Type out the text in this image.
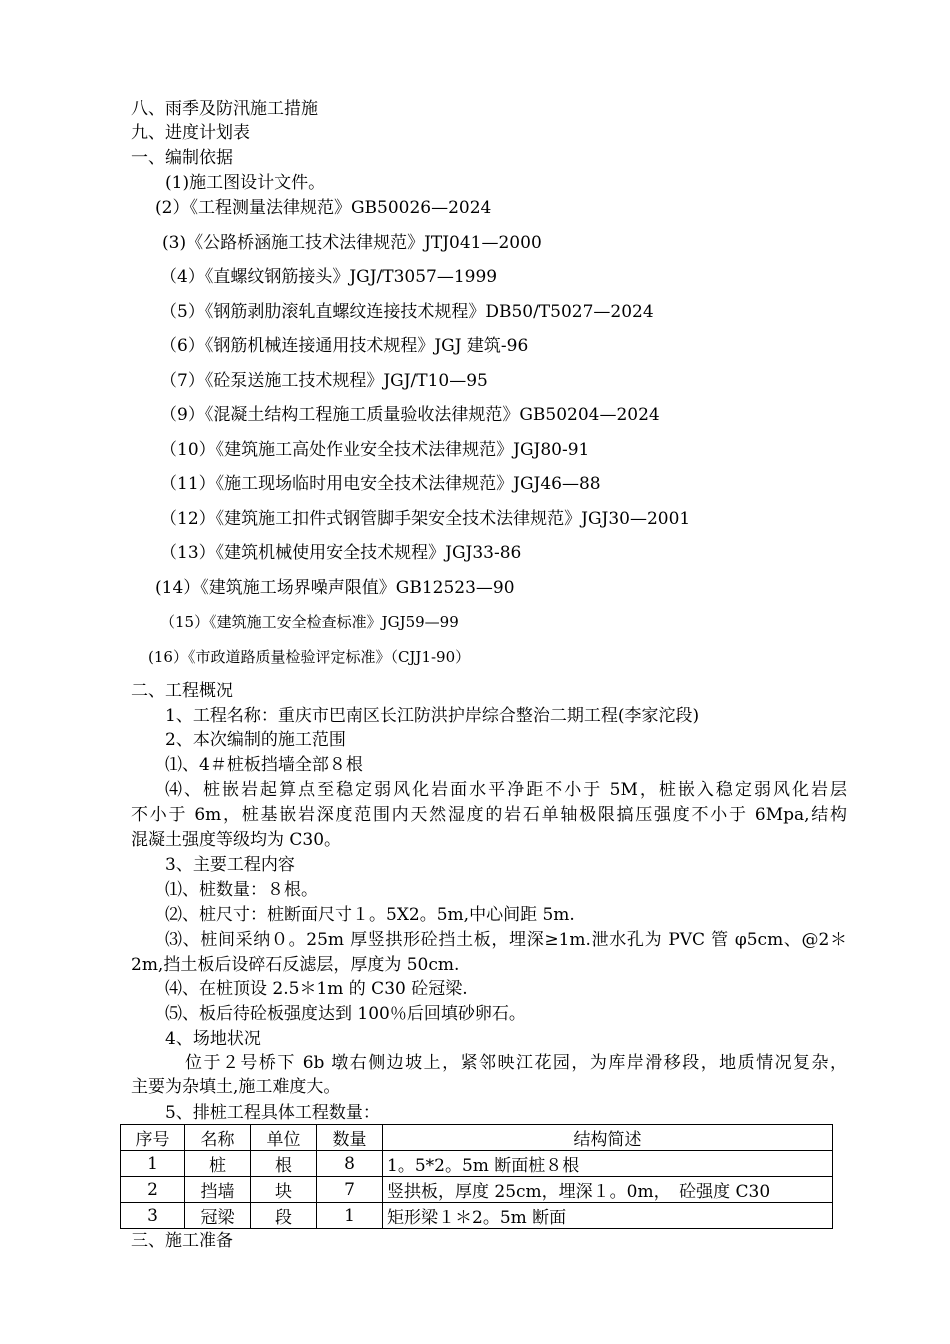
八、雨季及防汛施工措施
九、进度计划表
一、编制依据
(1)施工图设计文件。
(2）《工程测量法律规范》GB50026—2024
(3)《公路桥涵施工技术法律规范》JTJ041—2000
（4）《直螺纹钢筋接头》JGJ/T3057—1999
（5）《钢筋剥肋滚轧直螺纹连接技术规程》DB50/T5027—2024
（6）《钢筋机械连接通用技术规程》JGJ 建筑-96
（7）《砼泵送施工技术规程》JGJ/T10—95
（9）《混凝土结构工程施工质量验收法律规范》GB50204—2024
（10）《建筑施工高处作业安全技术法律规范》JGJ80-91
（11）《施工现场临时用电安全技术法律规范》JGJ46—88
（12）《建筑施工扣件式钢管脚手架安全技术法律规范》JGJ30—2001
（13）《建筑机械使用安全技术规程》JGJ33-86
(14）《建筑施工场界噪声限值》GB12523—90
（15）《建筑施工安全检查标准》JGJ59—99
(16）《市政道路质量检验评定标准》（CJJ1-90）
二、工程概况
1、工程名称：重庆市巴南区长江防洪护岸综合整治二期工程(李家沱段)
2、本次编制的施工范围
⑴、4＃桩板挡墙全部８根
⑷、桩嵌岩起算点至稳定弱风化岩面水平净距不小于 5M，桩嵌入稳定弱风化岩层
不小于 6m，桩基嵌岩深度范围内天然湿度的岩石单轴极限搞压强度不小于 6Mpa,结构
混凝土强度等级均为 C30。
3、主要工程内容
⑴、桩数量：８根。
⑵、桩尺寸：桩断面尺寸１。5X2。5m,中心间距 5m.
⑶、桩间采纳０。25m 厚竖拱形砼挡土板，埋深≥1m.泄水孔为 PVC 管 φ5cm、@2＊
2m,挡土板后设碎石反滤层，厚度为 50cm.
⑷、在桩顶设 2.5＊1m 的 C30 砼冠梁.
⑸、板后待砼板强度达到 100％后回填砂卵石。
4、场地状况
位于２号桥下 6b 墩右侧边坡上，紧邻映江花园，为库岸滑移段，地质情况复杂，
主要为杂填土,施工难度大。
5、排桩工程具体工程数量：
序号	名称	单位	数量	结构简述
1	桩	根	8	1。5*2。5m 断面桩８根
2	挡墙	块	7	竖拱板，厚度 25cm，埋深１。0m，　砼强度 C30
3	冠梁	段	1	矩形梁１＊2。5m 断面
三、施工准备
